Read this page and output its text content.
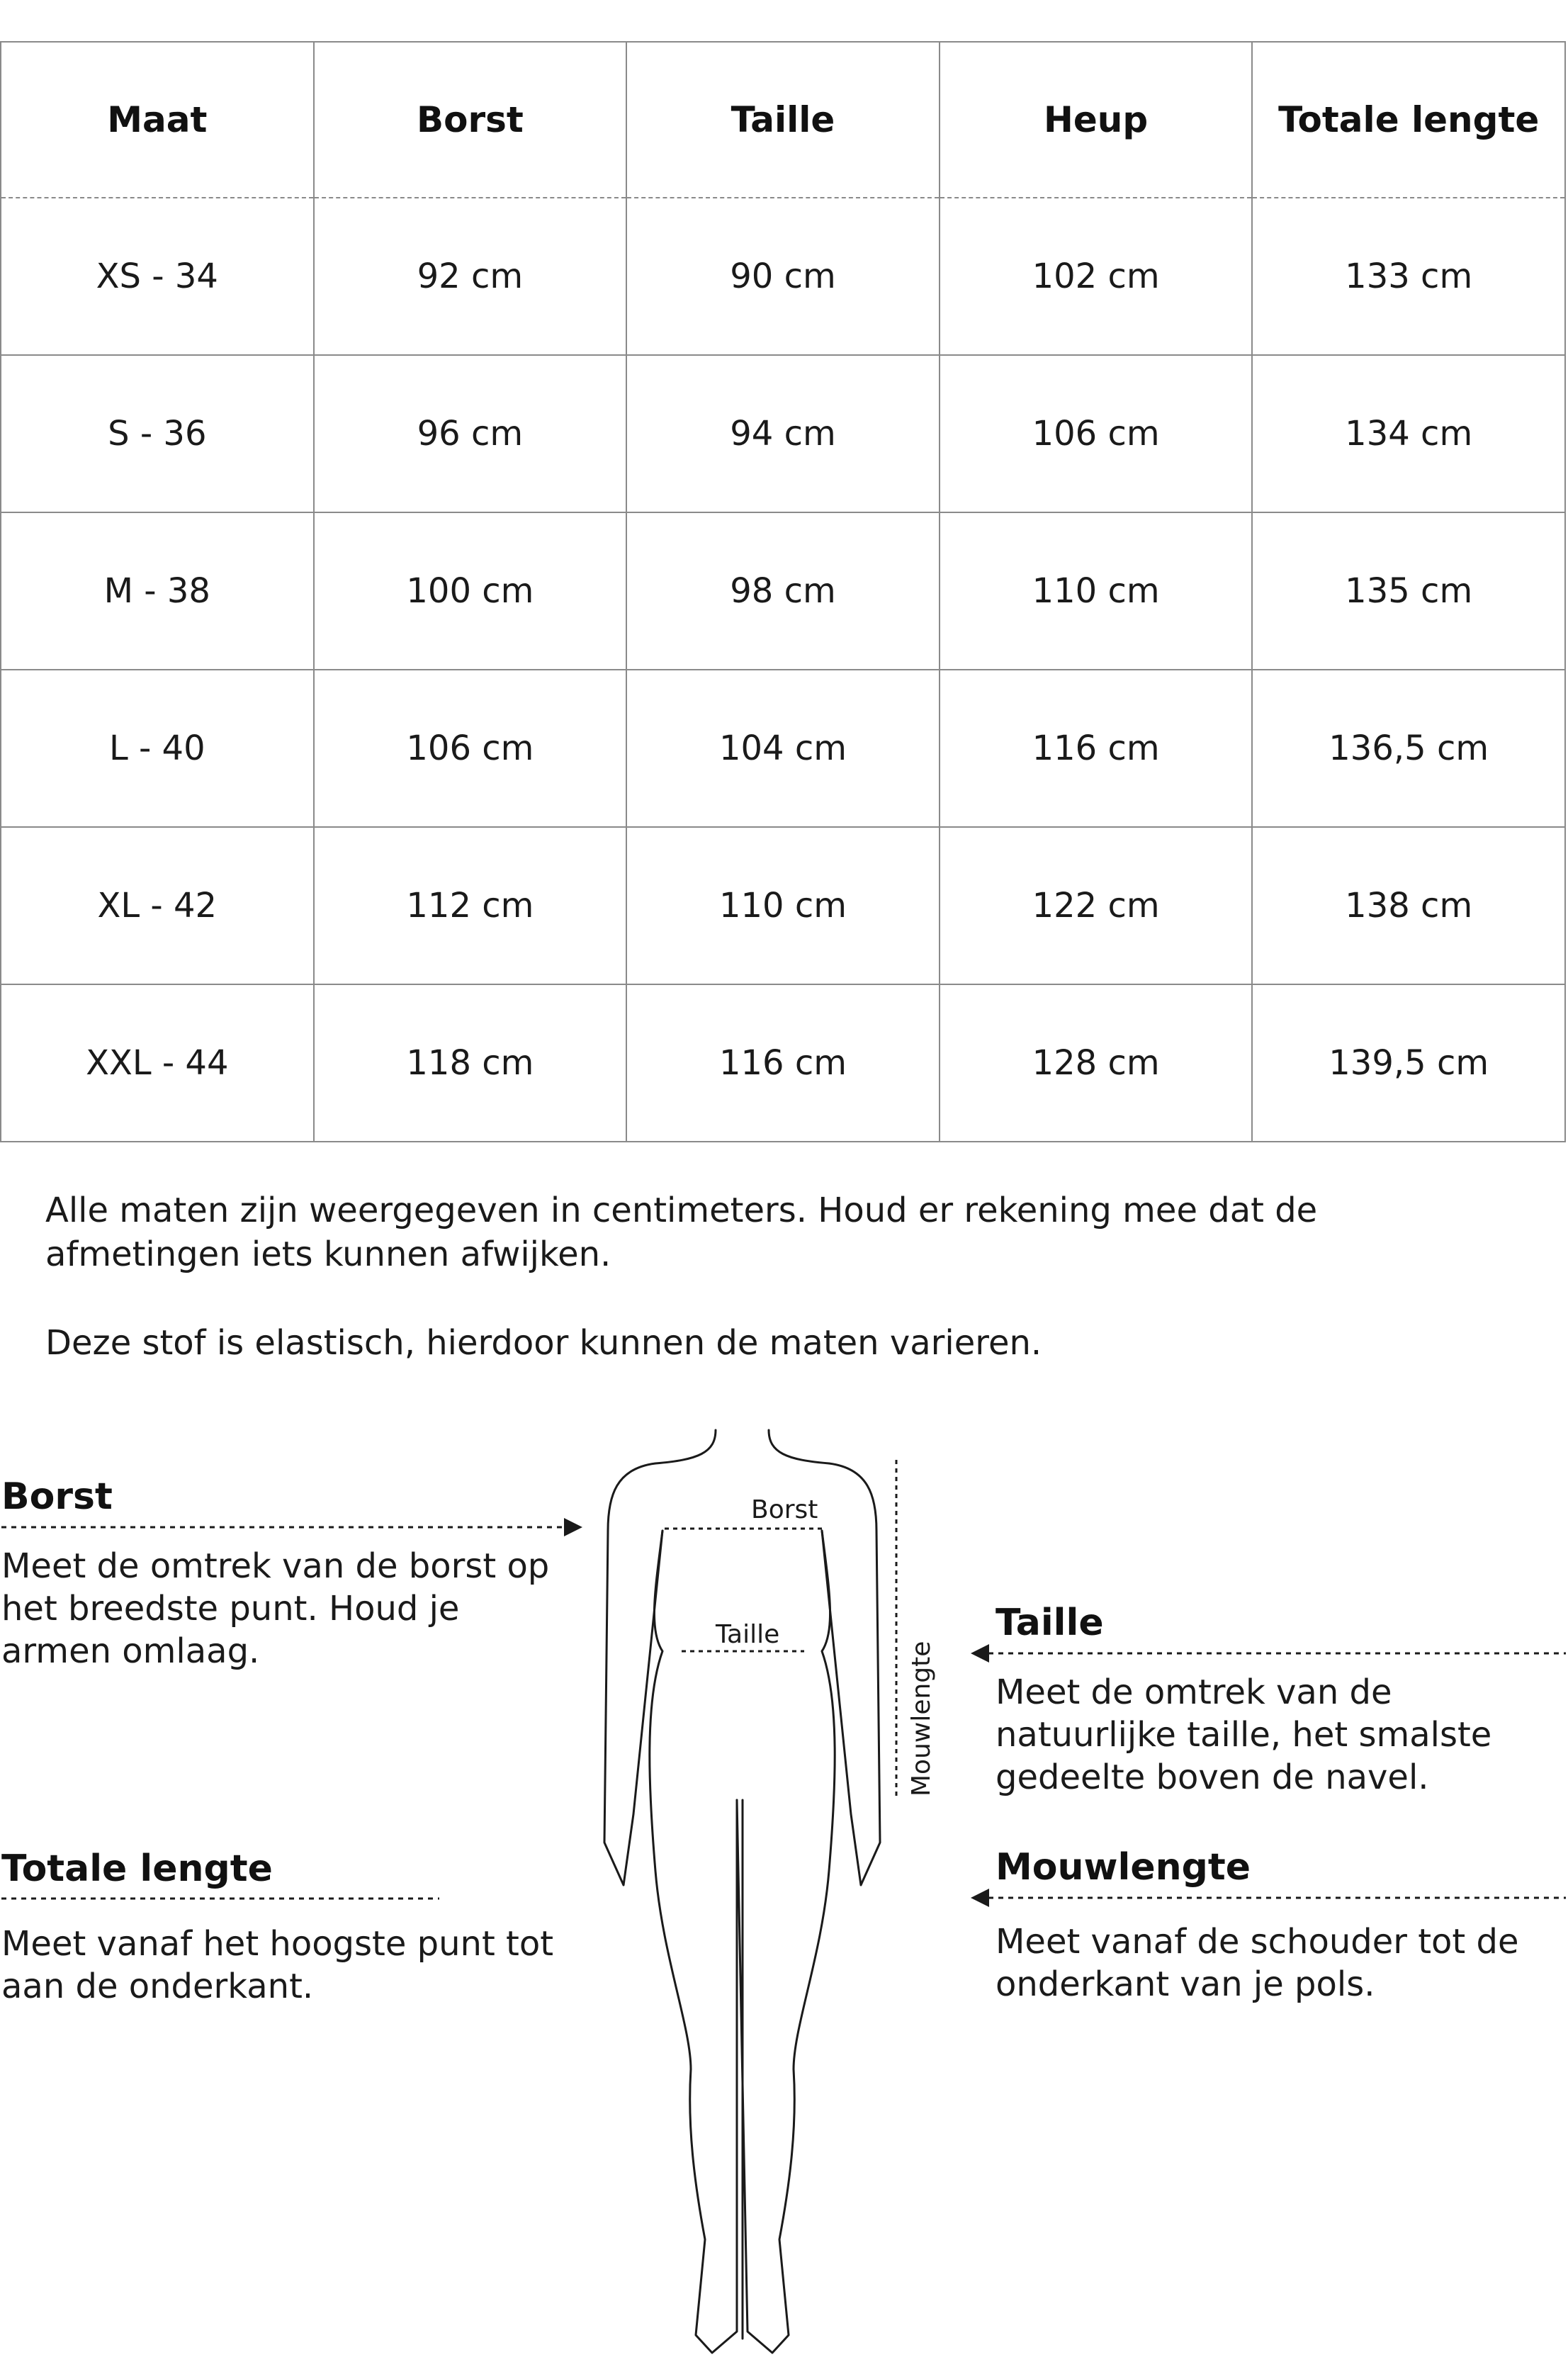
Maat	Borst	Taille	Heup	Totale lengte
XS - 34	92 cm	90 cm	102 cm	133 cm
S - 36	96 cm	94 cm	106 cm	134 cm
M - 38	100 cm	98 cm	110 cm	135 cm
L - 40	106 cm	104 cm	116 cm	136,5 cm
XL - 42	112 cm	110 cm	122 cm	138 cm
XXL - 44	118 cm	116 cm	128 cm	139,5 cm

Alle maten zijn weergegeven in centimeters. Houd er rekening mee dat de afmetingen iets kunnen afwijken.

Deze stof is elastisch, hierdoor kunnen de maten varieren.

Borst
Taille
Mouwlengte
Borst

Meet de omtrek van de borst op het breedste punt. Houd je armen omlaag.

Totale lengte

Meet vanaf het hoogste punt tot aan de onderkant.

Taille

Meet de omtrek van de natuurlijke taille, het smalste gedeelte boven de navel.

Mouwlengte

Meet vanaf de schouder tot de onderkant van je pols.
